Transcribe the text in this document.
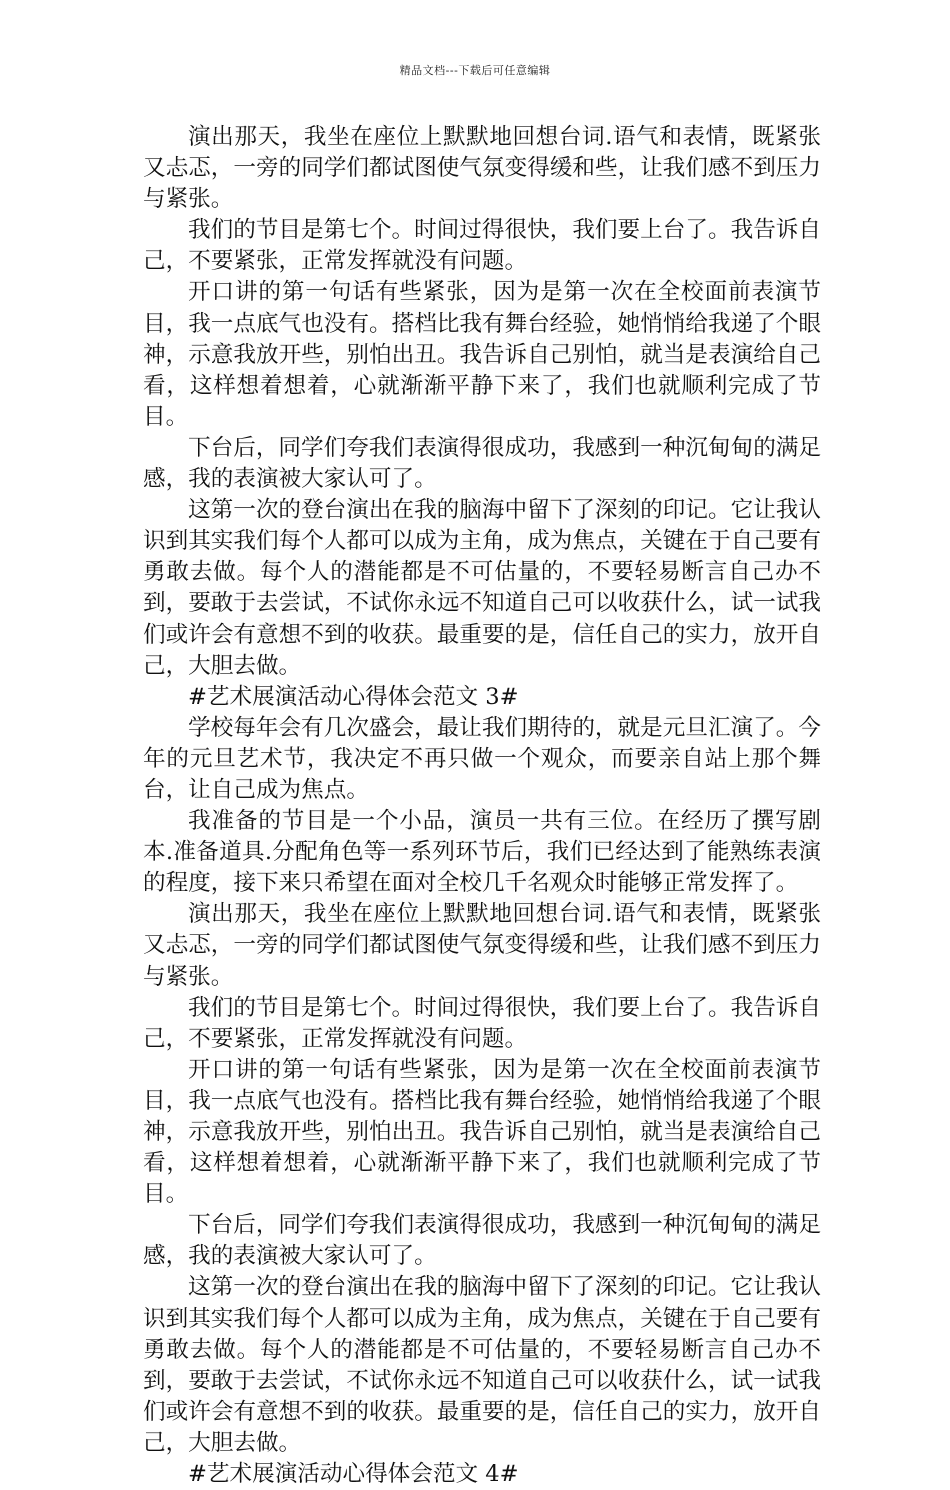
精品文档---下载后可任意编辑

演出那天，我坐在座位上默默地回想台词.语气和表情，既紧张又忐忑，一旁的同学们都试图使气氛变得缓和些，让我们感不到压力与紧张。

我们的节目是第七个。时间过得很快，我们要上台了。我告诉自己，不要紧张，正常发挥就没有问题。

开口讲的第一句话有些紧张，因为是第一次在全校面前表演节目，我一点底气也没有。搭档比我有舞台经验，她悄悄给我递了个眼神，示意我放开些，别怕出丑。我告诉自己别怕，就当是表演给自己看，这样想着想着，心就渐渐平静下来了，我们也就顺利完成了节目。

下台后，同学们夸我们表演得很成功，我感到一种沉甸甸的满足感，我的表演被大家认可了。

这第一次的登台演出在我的脑海中留下了深刻的印记。它让我认识到其实我们每个人都可以成为主角，成为焦点，关键在于自己要有勇敢去做。每个人的潜能都是不可估量的，不要轻易断言自己办不到，要敢于去尝试，不试你永远不知道自己可以收获什么，试一试我们或许会有意想不到的收获。最重要的是，信任自己的实力，放开自己，大胆去做。

#艺术展演活动心得体会范文 3#

学校每年会有几次盛会，最让我们期待的，就是元旦汇演了。今年的元旦艺术节，我决定不再只做一个观众，而要亲自站上那个舞台，让自己成为焦点。

我准备的节目是一个小品，演员一共有三位。在经历了撰写剧本.准备道具.分配角色等一系列环节后，我们已经达到了能熟练表演的程度，接下来只希望在面对全校几千名观众时能够正常发挥了。

演出那天，我坐在座位上默默地回想台词.语气和表情，既紧张又忐忑，一旁的同学们都试图使气氛变得缓和些，让我们感不到压力与紧张。

我们的节目是第七个。时间过得很快，我们要上台了。我告诉自己，不要紧张，正常发挥就没有问题。

开口讲的第一句话有些紧张，因为是第一次在全校面前表演节目，我一点底气也没有。搭档比我有舞台经验，她悄悄给我递了个眼神，示意我放开些，别怕出丑。我告诉自己别怕，就当是表演给自己看，这样想着想着，心就渐渐平静下来了，我们也就顺利完成了节目。

下台后，同学们夸我们表演得很成功，我感到一种沉甸甸的满足感，我的表演被大家认可了。

这第一次的登台演出在我的脑海中留下了深刻的印记。它让我认识到其实我们每个人都可以成为主角，成为焦点，关键在于自己要有勇敢去做。每个人的潜能都是不可估量的，不要轻易断言自己办不到，要敢于去尝试，不试你永远不知道自己可以收获什么，试一试我们或许会有意想不到的收获。最重要的是，信任自己的实力，放开自己，大胆去做。

#艺术展演活动心得体会范文 4#
